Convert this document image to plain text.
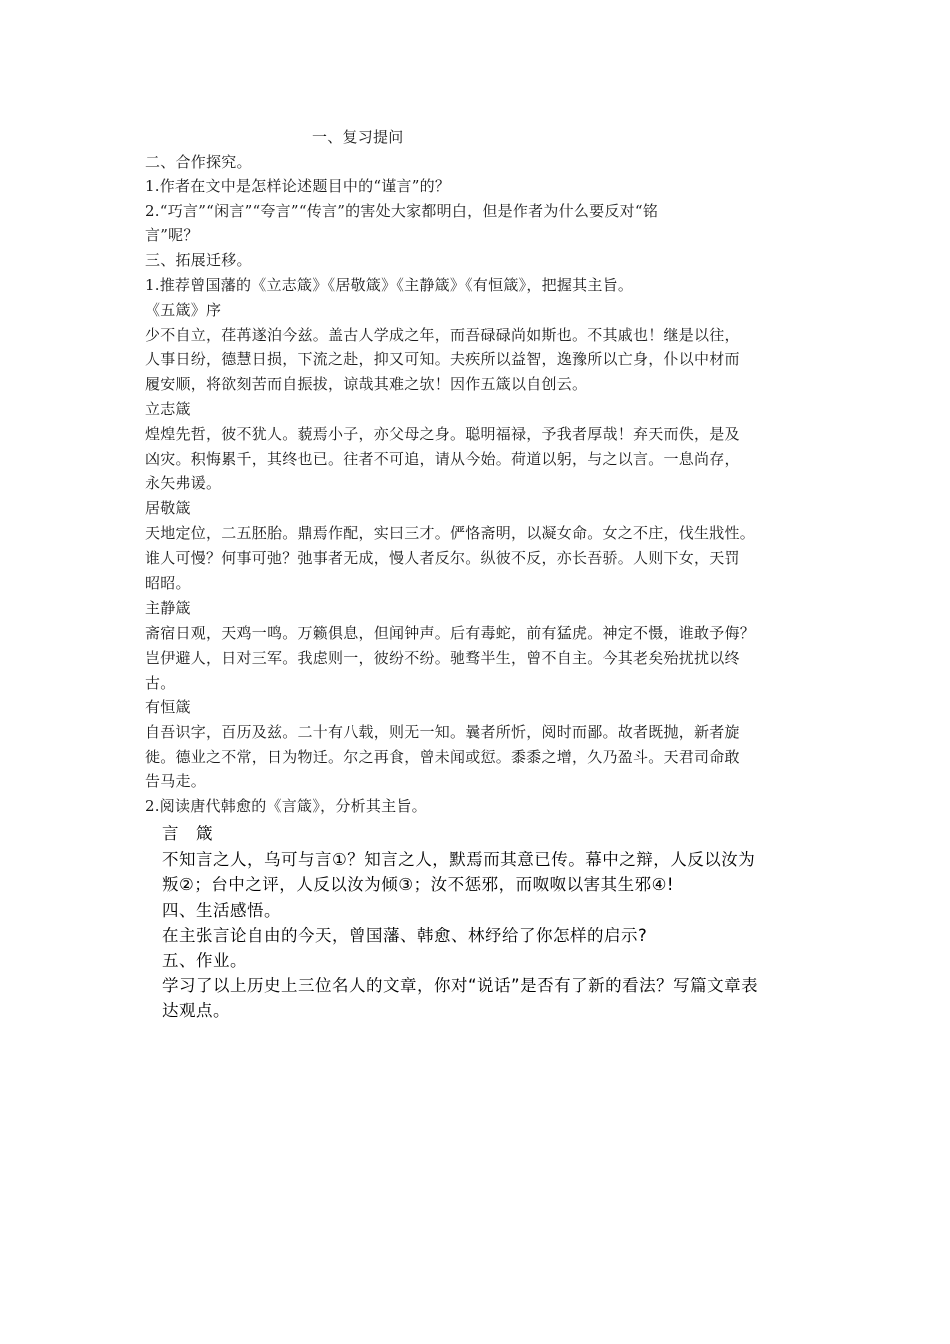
一、复习提问
二、合作探究。
1.作者在文中是怎样论述题目中的“谨言”的？
2.“巧言”“闲言”“夸言”“传言”的害处大家都明白，但是作者为什么要反对“铭
言”呢？
三、拓展迁移。
1.推荐曾国藩的《立志箴》《居敬箴》《主静箴》《有恒箴》，把握其主旨。
《五箴》序
少不自立，荏苒遂泊今兹。盖古人学成之年，而吾碌碌尚如斯也。不其戚也！继是以往，
人事日纷，德慧日损，下流之赴，抑又可知。夫疾所以益智，逸豫所以亡身，仆以中材而
履安顺，将欲刻苦而自振拔，谅哉其难之欤！因作五箴以自创云。
立志箴
煌煌先哲，彼不犹人。藐焉小子，亦父母之身。聪明福禄，予我者厚哉！弃天而佚，是及
凶灾。积悔累千，其终也已。往者不可追，请从今始。荷道以躬，与之以言。一息尚存，
永矢弗谖。
居敬箴
天地定位，二五胚胎。鼎焉作配，实曰三才。俨恪斋明，以凝女命。女之不庄，伐生戕性。
谁人可慢？何事可弛？弛事者无成，慢人者反尔。纵彼不反，亦长吾骄。人则下女，天罚
昭昭。
主静箴
斋宿日观，天鸡一鸣。万籁俱息，但闻钟声。后有毒蛇，前有猛虎。神定不慑，谁敢予侮？
岂伊避人，日对三军。我虑则一，彼纷不纷。驰骛半生，曾不自主。今其老矣殆扰扰以终
古。
有恒箴
自吾识字，百历及兹。二十有八载，则无一知。曩者所忻，阅时而鄙。故者既抛，新者旋
徙。德业之不常，日为物迁。尔之再食，曾未闻或愆。黍黍之增，久乃盈斗。天君司命敢
告马走。
2.阅读唐代韩愈的《言箴》，分析其主旨。
言　箴
不知言之人，乌可与言①？知言之人，默焉而其意已传。幕中之辩，人反以汝为
叛②；台中之评，人反以汝为倾③；汝不惩邪，而呶呶以害其生邪④!
四、生活感悟。
在主张言论自由的今天，曾国藩、韩愈、林纾给了你怎样的启示?
五、作业。
学习了以上历史上三位名人的文章，你对“说话”是否有了新的看法？写篇文章表
达观点。
